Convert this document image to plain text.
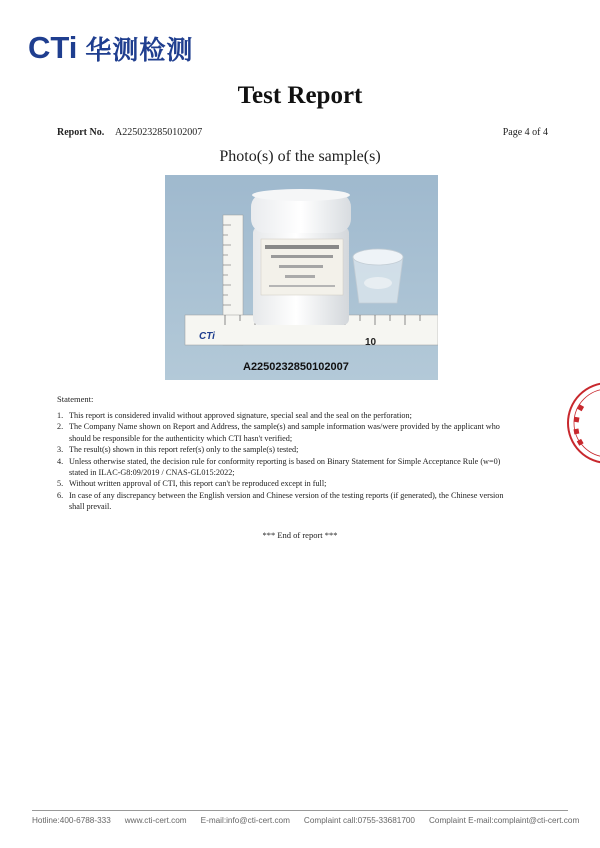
CTi 华测检测
Test Report
Report No. A2250232850102007	Page 4 of 4
Photo(s) of the sample(s)
CTi
10
A2250232850102007
Statement:
1. This report is considered invalid without approved signature, special seal and the seal on the perforation;
2. The Company Name shown on Report and Address, the sample(s) and sample information was/were provided by the applicant who should be responsible for the authenticity which CTI hasn't verified;
3. The result(s) shown in this report refer(s) only to the sample(s) tested;
4. Unless otherwise stated, the decision rule for conformity reporting is based on Binary Statement for Simple Acceptance Rule (w=0) stated in ILAC-G8:09/2019 / CNAS-GL015:2022;
5. Without written approval of CTI, this report can't be reproduced except in full;
6. In case of any discrepancy between the English version and Chinese version of the testing reports (if generated), the Chinese version shall prevail.
*** End of report ***
Hotline:400-6788-333 www.cti-cert.com E-mail:info@cti-cert.com Complaint call:0755-33681700 Complaint E-mail:complaint@cti-cert.com
